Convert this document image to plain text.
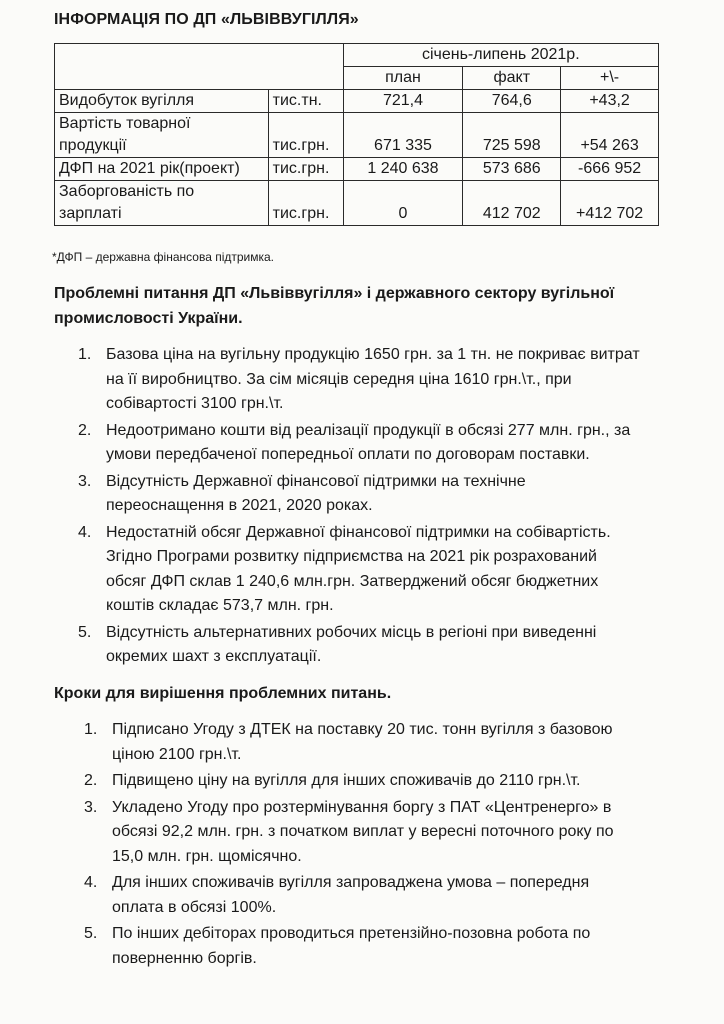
ІНФОРМАЦІЯ ПО ДП «ЛЬВІВВУГІЛЛЯ»
		січень-липень 2021р.		
		план	факт	+\-
Видобуток вугілля	тис.тн.	721,4	764,6	+43,2

Вартість товарної
продукції	тис.грн.	671 335	725 598	+54 263
ДФП на 2021 рік(проект)	тис.грн.	1 240 638	573 686	-666 952

Заборгованість по
зарплаті	тис.грн.	0	412 702	+412 702
*ДФП – державна фінансова підтримка.
Проблемні питання ДП «Львіввугілля» і державного сектору вугільної
промисловості України.
1. Базова ціна на вугільну продукцію 1650 грн. за 1 тн. не покриває витрат
на її виробництво. За сім місяців середня ціна 1610 грн.\т., при
собівартості 3100 грн.\т.
2. Недоотримано кошти від реалізації продукції в обсязі 277 млн. грн., за
умови передбаченої попередньої оплати по договорам поставки.
3. Відсутність Державної фінансової підтримки на технічне
переоснащення в 2021, 2020 роках.
4. Недостатній обсяг Державної фінансової підтримки на собівартість.
Згідно Програми розвитку підприємства на 2021 рік розрахований
обсяг ДФП склав 1 240,6 млн.грн. Затверджений обсяг бюджетних
коштів складає 573,7 млн. грн.
5. Відсутність альтернативних робочих місць в регіоні при виведенні
окремих шахт з експлуатації.
Кроки для вирішення проблемних питань.
1. Підписано Угоду з ДТЕК на поставку 20 тис. тонн вугілля з базовою
ціною 2100 грн.\т.
2. Підвищено ціну на вугілля для інших споживачів до 2110 грн.\т.
3. Укладено Угоду про розтермінування боргу з ПАТ «Центренерго» в
обсязі 92,2 млн. грн. з початком виплат у вересні поточного року по
15,0 млн. грн. щомісячно.
4. Для інших споживачів вугілля запроваджена умова – попередня
оплата в обсязі 100%.
5. По інших дебіторах проводиться претензійно-позовна робота по
поверненню боргів.
